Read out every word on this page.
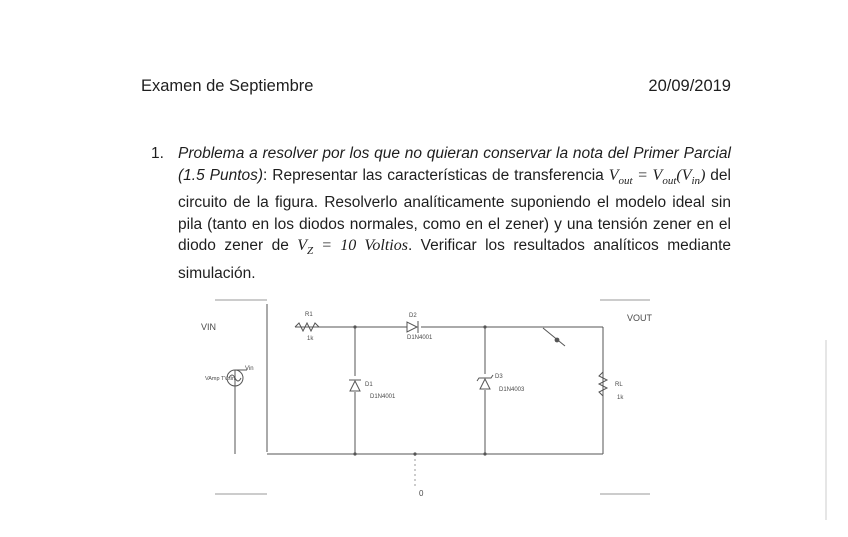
Examen de Septiembre	20/09/2019
1. Problema a resolver por los que no quieran conservar la nota del Primer Parcial (1.5 Puntos): Representar las características de transferencia $V_{out} = V_{out}(V_{in})$ del circuito de la figura. Resolverlo analíticamente suponiendo el modelo ideal sin pila (tanto en los diodos normales, como en el zener) y una tensión zener en el diodo zener de $V_Z = 10$ Voltios. Verificar los resultados analíticos mediante simulación.
VIN
Vin
VAmp TVsin
R1
1k
D2
D1N4001
D1
D1N4001
D3
D1N4003
RL
1k
VOUT
0
